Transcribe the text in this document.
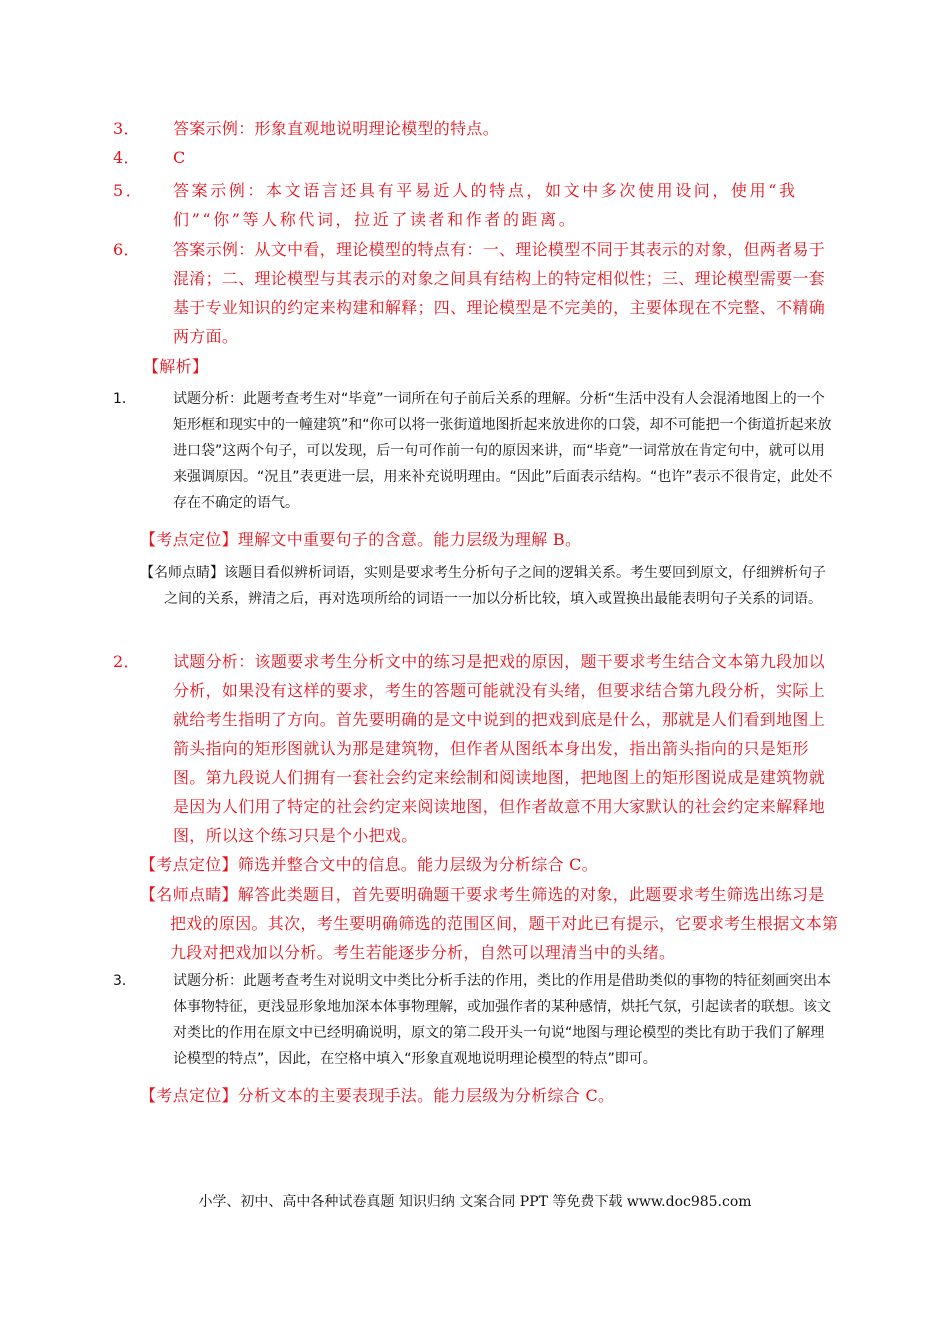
3． 答案示例：形象直观地说明理论模型的特点。

4． C

5． 答案示例：本文语言还具有平易近人的特点，如文中多次使用设问，使用“我们”“你”等人称代词，拉近了读者和作者的距离。

6． 答案示例：从文中看，理论模型的特点有：一、理论模型不同于其表示的对象，但两者易于混淆；二、理论模型与其表示的对象之间具有结构上的特定相似性；三、理论模型需要一套基于专业知识的约定来构建和解释；四、理论模型是不完美的，主要体现在不完整、不精确两方面。

【解析】

1．	试题分析：此题考查考生对“毕竟”一词所在句子前后关系的理解。分析“生活中没有人会混淆地图上的一个矩形框和现实中的一幢建筑”和“你可以将一张街道地图折起来放进你的口袋，却不可能把一个街道折起来放进口袋”这两个句子，可以发现，后一句可作前一句的原因来讲，而“毕竟”一词常放在肯定句中，就可以用来强调原因。“况且”表更进一层，用来补充说明理由。“因此”后面表示结构。“也许”表示不很肯定，此处不存在不确定的语气。

【考点定位】理解文中重要句子的含意。能力层级为理解 B。

【名师点睛】该题目看似辨析词语，实则是要求考生分析句子之间的逻辑关系。考生要回到原文，仔细辨析句子之间的关系，辨清之后，再对选项所给的词语一一加以分析比较，填入或置换出最能表明句子关系的词语。

2． 试题分析：该题要求考生分析文中的练习是把戏的原因，题干要求考生结合文本第九段加以分析，如果没有这样的要求，考生的答题可能就没有头绪，但要求结合第九段分析，实际上就给考生指明了方向。首先要明确的是文中说到的把戏到底是什么，那就是人们看到地图上箭头指向的矩形图就认为那是建筑物，但作者从图纸本身出发，指出箭头指向的只是矩形图。第九段说人们拥有一套社会约定来绘制和阅读地图，把地图上的矩形图说成是建筑物就是因为人们用了特定的社会约定来阅读地图，但作者故意不用大家默认的社会约定来解释地图，所以这个练习只是个小把戏。

【考点定位】筛选并整合文中的信息。能力层级为分析综合 C。

【名师点睛】解答此类题目，首先要明确题干要求考生筛选的对象，此题要求考生筛选出练习是把戏的原因。其次，考生要明确筛选的范围区间，题干对此已有提示，它要求考生根据文本第九段对把戏加以分析。考生若能逐步分析，自然可以理清当中的头绪。

3．	试题分析：此题考查考生对说明文中类比分析手法的作用，类比的作用是借助类似的事物的特征刻画突出本体事物特征，更浅显形象地加深本体事物理解，或加强作者的某种感情，烘托气氛，引起读者的联想。该文对类比的作用在原文中已经明确说明，原文的第二段开头一句说“地图与理论模型的类比有助于我们了解理论模型的特点”，因此，在空格中填入“形象直观地说明理论模型的特点”即可。

【考点定位】分析文本的主要表现手法。能力层级为分析综合 C。

小学、初中、高中各种试卷真题 知识归纳 文案合同 PPT 等免费下载 www.doc985.com
